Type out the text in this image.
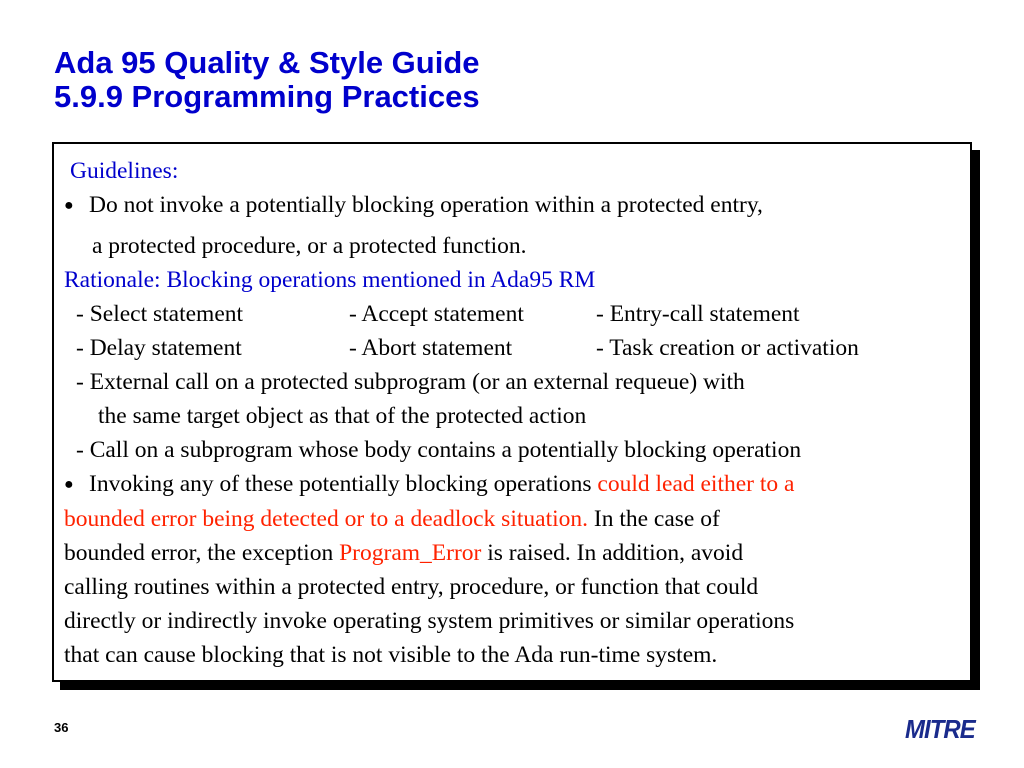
Ada 95 Quality & Style Guide
5.9.9 Programming Practices
Guidelines:
● Do not invoke a potentially blocking operation within a protected entry,
a protected procedure, or a protected function.
Rationale: Blocking operations mentioned in Ada95 RM
- Select statement	- Accept statement	- Entry-call statement
- Delay statement	- Abort statement	- Task creation or activation
- External call on a protected subprogram (or an external requeue) with
the same target object as that of the protected action
- Call on a subprogram whose body contains a potentially blocking operation
● Invoking any of these potentially blocking operations could lead either to a
bounded error being detected or to a deadlock situation. In the case of
bounded error, the exception Program_Error is raised. In addition, avoid
calling routines within a protected entry, procedure, or function that could
directly or indirectly invoke operating system primitives or similar operations
that can cause blocking that is not visible to the Ada run-time system.
36	MITRE
